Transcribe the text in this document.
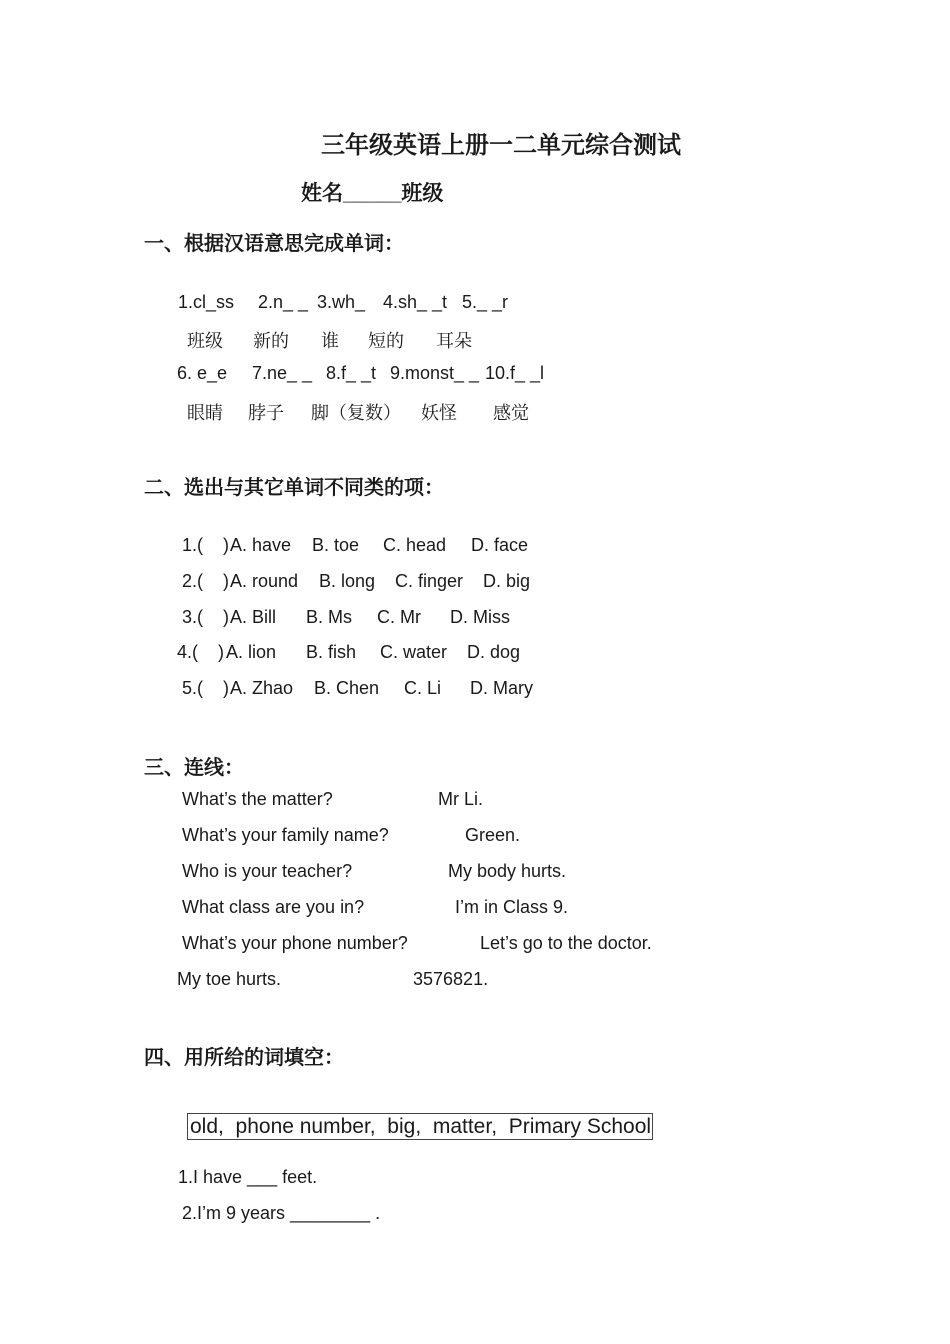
三年级英语上册一二单元综合测试
姓名_____班级
一、根据汉语意思完成单词：
1.cl_ss 2.n_ _ 3.wh_ 4.sh_ _t 5._ _r
班级 新的 谁 短的 耳朵
6. e_e 7.ne_ _ 8.f_ _t 9.monst_ _ 10.f_ _l
眼睛 脖子 脚（复数） 妖怪 感觉
二、选出与其它单词不同类的项：
1.(    ) A. have B. toe C. head D. face
2.(    ) A. round B. long C. finger D. big
3.(    ) A. Bill B. Ms C. Mr D. Miss
4.(    ) A. lion B. fish C. water D. dog
5.(    ) A. Zhao B. Chen C. Li D. Mary
三、连线：
What’s the matter?	Mr Li.
What’s your family name?	Green.
Who is your teacher?	My body hurts.
What class are you in?	I’m in Class 9.
What’s your phone number?	Let’s go to the doctor.
My toe hurts.	3576821.
四、用所给的词填空：
old,  phone number,  big,  matter,  Primary School
1.I have ___ feet.
2.I’m 9 years ________ .
